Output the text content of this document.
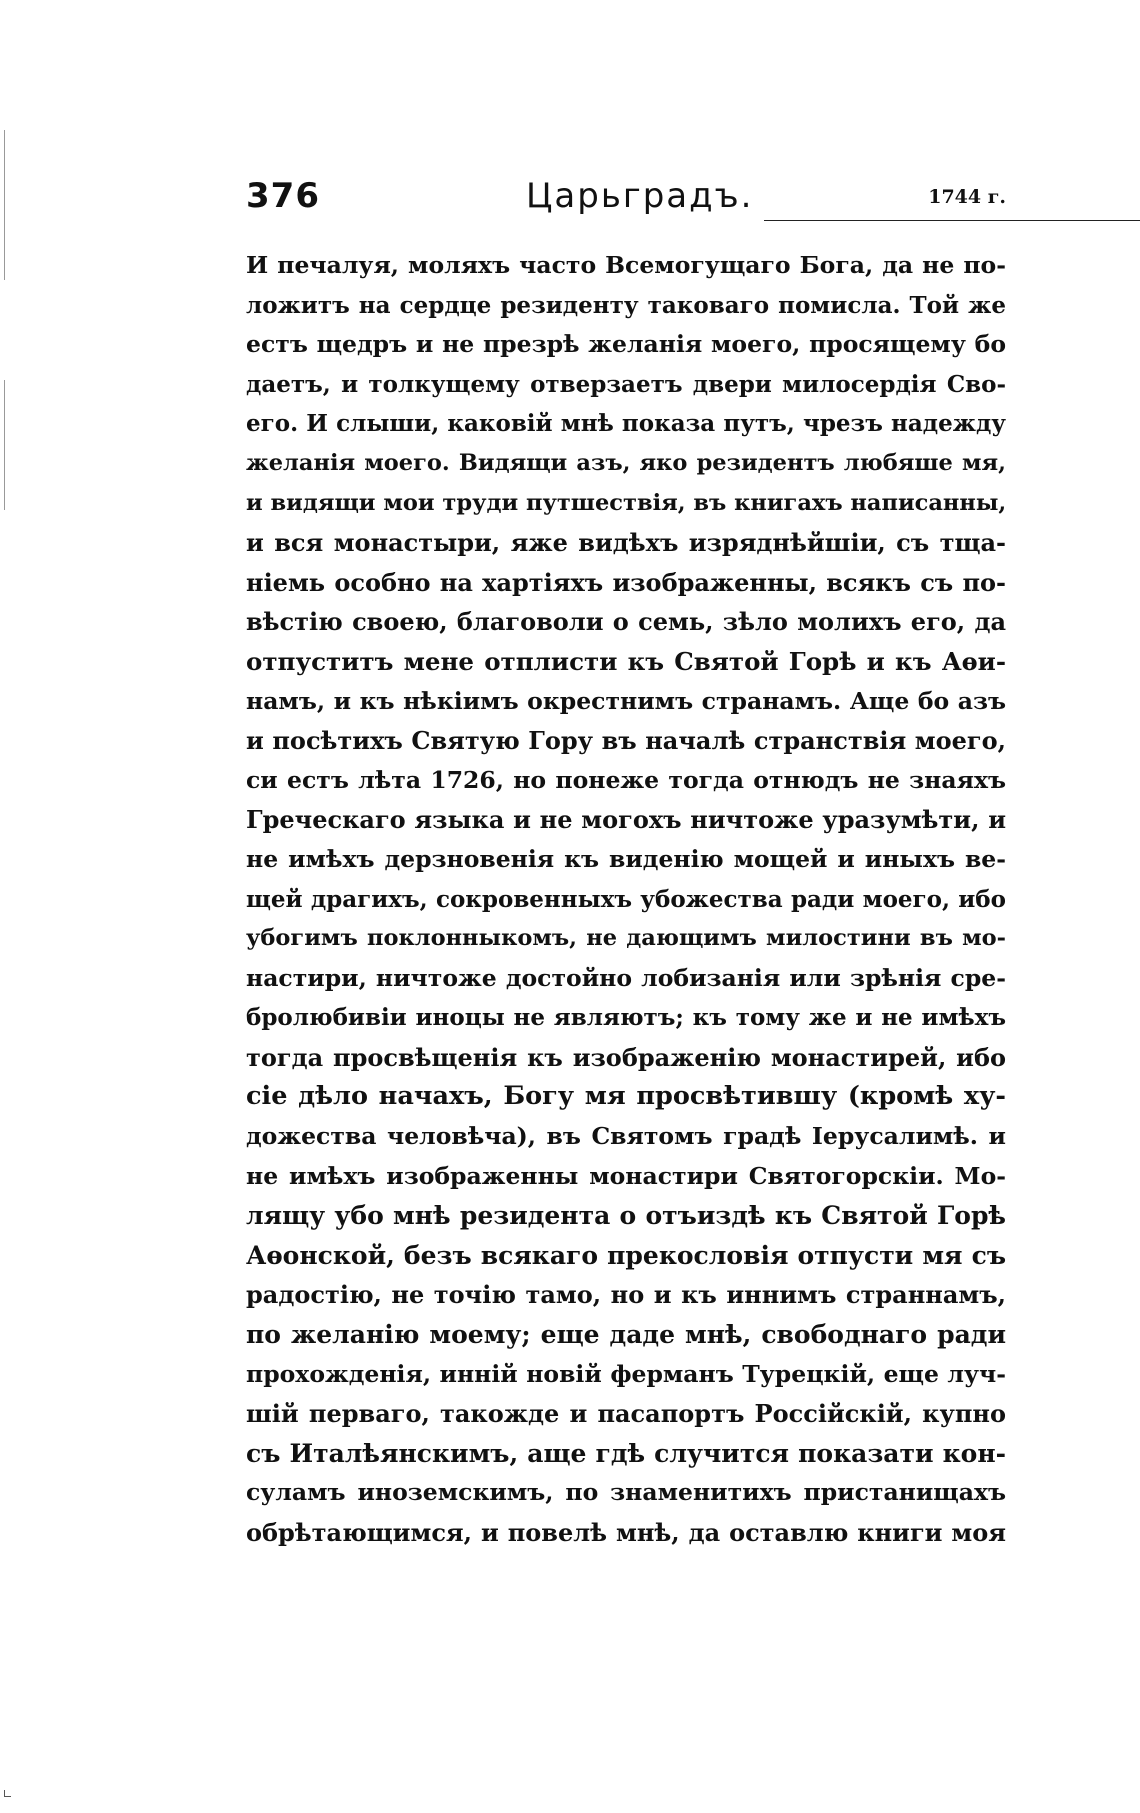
376	Царьградъ.	1744 г.
И печалуя, моляхъ часто Всемогущаго Бога, да не по-
ложитъ на сердце резиденту таковаго помисла. Той же
естъ щедръ и не презрѣ желанія моего, просящему бо
даетъ, и толкущему отверзаетъ двери милосердія Сво-
его. И слыши, каковій мнѣ показа путъ, чрезъ надежду
желанія моего. Видящи азъ, яко резидентъ любяше мя,
и видящи мои труди путшествія, въ книгахъ написанны,
и вся монастыри, яже видѣхъ изряднѣйшіи, съ тща-
ніемь особно на хартіяхъ изображенны, всякъ съ по-
вѣстію своею, благоволи о семь, зѣло молихъ его, да
отпуститъ мене отплисти къ Святой Горѣ и къ Аѳи-
намъ, и къ нѣкіимъ окрестнимъ странамъ. Аще бо азъ
и посѣтихъ Святую Гору въ началѣ странствія моего,
си естъ лѣта 1726, но понеже тогда отнюдъ не знаяхъ
Греческаго языка и не могохъ ничтоже уразумѣти, и
не имѣхъ дерзновенія къ виденію мощей и иныхъ ве-
щей драгихъ, сокровенныхъ убожества ради моего, ибо
убогимъ поклонныкомъ, не дающимъ милостини въ мо-
настири, ничтоже достойно лобизанія или зрѣнія сре-
бролюбивіи иноцы не являютъ; къ тому же и не имѣхъ
тогда просвѣщенія къ изображенію монастирей, ибо
сіе дѣло начахъ, Богу мя просвѣтившу (кромѣ ху-
дожества человѣча), въ Святомъ градѣ Іерусалимѣ. и
не имѣхъ изображенны монастири Святогорскіи. Мо-
лящу убо мнѣ резидента о отъиздѣ къ Святой Горѣ
Аѳонской, безъ всякаго прекословія отпусти мя съ
радостію, не точію тамо, но и къ иннимъ страннамъ,
по желанію моему; еще даде мнѣ, свободнаго ради
прохожденія, инній новій ферманъ Турецкій, еще луч-
шій перваго, такожде и пасапортъ Россійскій, купно
съ Италѣянскимъ, аще гдѣ случится показати кон-
суламъ иноземскимъ, по знаменитихъ пристанищахъ
обрѣтающимся, и повелѣ мнѣ, да оставлю книги моя
